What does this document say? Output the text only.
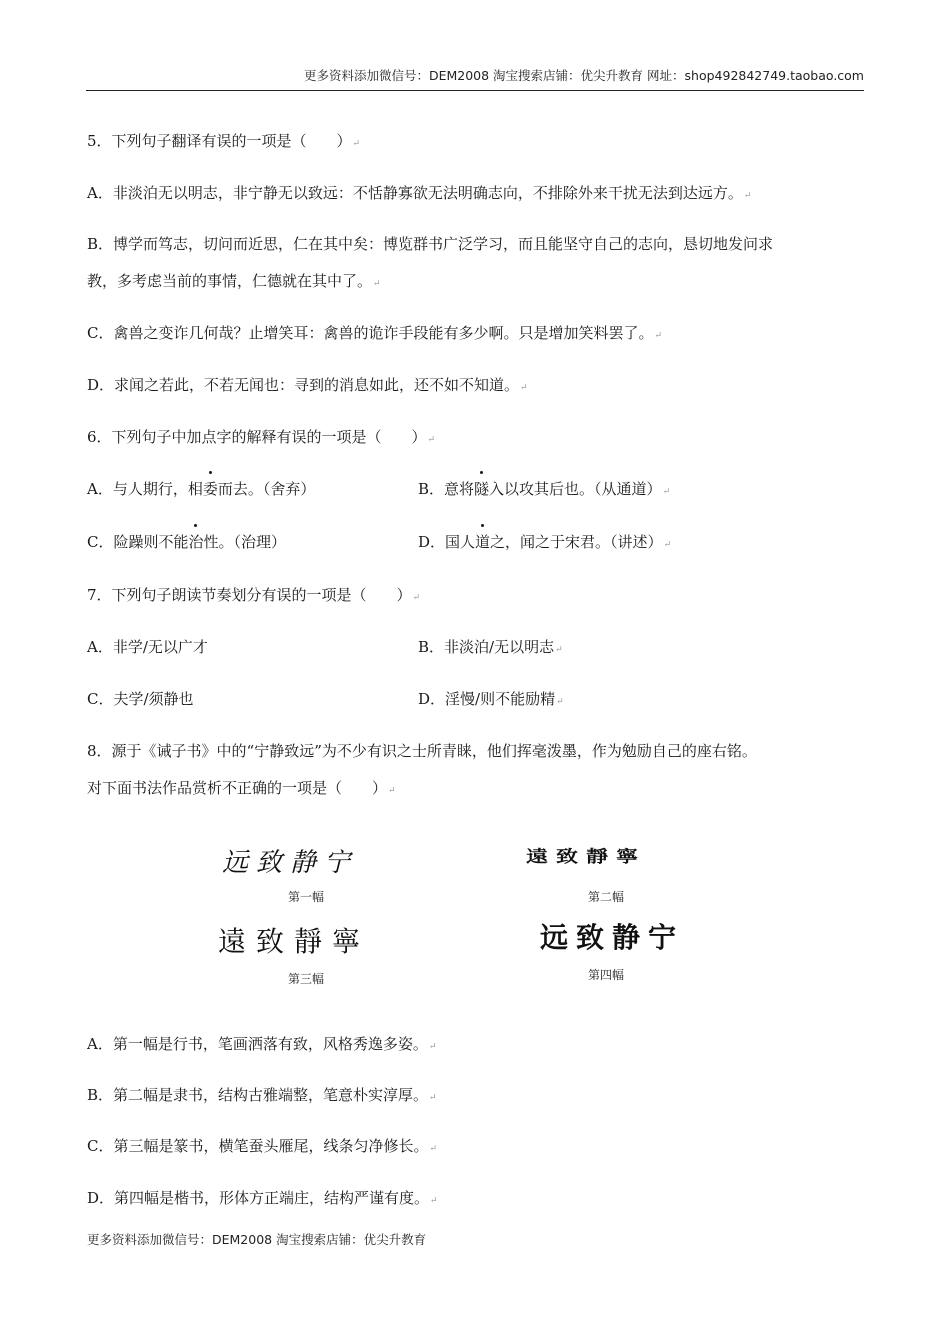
更多资料添加微信号：DEM2008 淘宝搜索店铺：优尖升教育 网址：shop492842749.taobao.com
5．下列句子翻译有误的一项是（　　）↵
A．非淡泊无以明志，非宁静无以致远：不恬静寡欲无法明确志向，不排除外来干扰无法到达远方。↵
B．博学而笃志，切问而近思，仁在其中矣：博览群书广泛学习，而且能坚守自己的志向，恳切地发问求
教，多考虑当前的事情，仁德就在其中了。↵
C．禽兽之变诈几何哉？止增笑耳：禽兽的诡诈手段能有多少啊。只是增加笑料罢了。↵
D．求闻之若此，不若无闻也：寻到的消息如此，还不如不知道。↵
6．下列句子中加点字的解释有误的一项是（　　）↵
A．与人期行，相委而去。（舍弃）	B．意将隧入以攻其后也。（从通道）↵
C．险躁则不能治性。（治理）	D．国人道之，闻之于宋君。（讲述）↵
7．下列句子朗读节奏划分有误的一项是（　　）↵
A．非学/无以广才	B．非淡泊/无以明志↵
C．夫学/须静也	D．淫慢/则不能励精↵
8．源于《诫子书》中的“宁静致远”为不少有识之士所青睐，他们挥毫泼墨，作为勉励自己的座右铭。
对下面书法作品赏析不正确的一项是（　　）↵
远致静宁
第一幅
遠致靜寧
第三幅
遠致靜寧
第二幅
远致静宁
第四幅
A．第一幅是行书，笔画洒落有致，风格秀逸多姿。↵
B．第二幅是隶书，结构古雅端整，笔意朴实淳厚。↵
C．第三幅是篆书，横笔蚕头雁尾，线条匀净修长。↵
D．第四幅是楷书，形体方正端庄，结构严谨有度。↵
更多资料添加微信号：DEM2008 淘宝搜索店铺：优尖升教育
